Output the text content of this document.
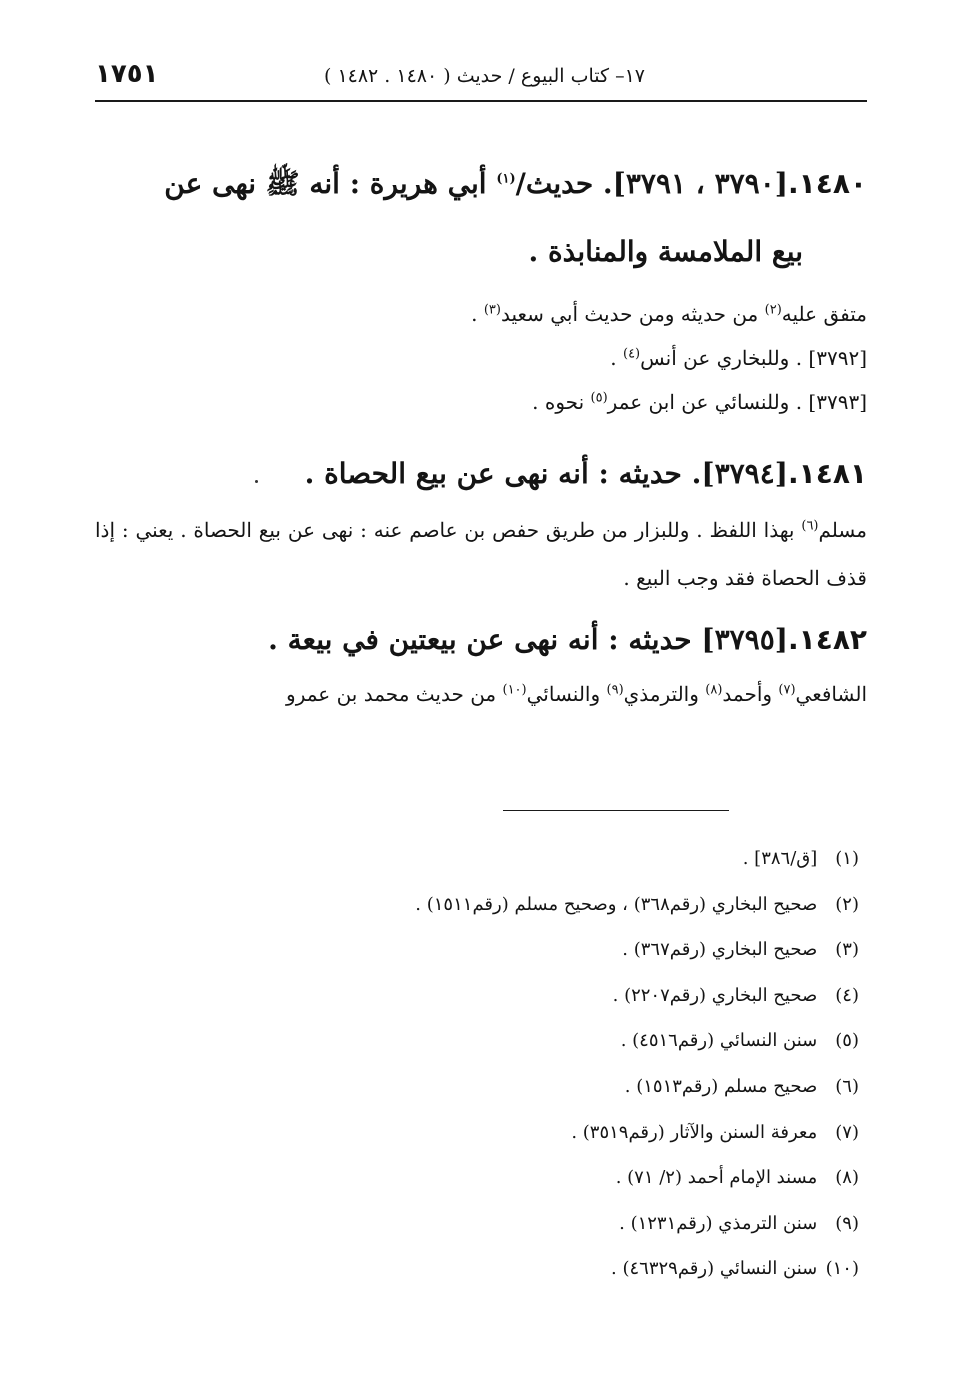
١٧٥١	١٧– كتاب البيوع / حديث ( ١٤٨٠ . ١٤٨٢ )

١٤٨٠.[٣٧٩٠ ، ٣٧٩١]. حديث/$^{(١)}$ أبي هريرة : أنه ﷺ نهى عن
بيع الملامسة والمنابذة .

متفق عليه$^{(٢)}$ من حديثه ومن حديث أبي سعيد$^{(٣)}$ .

[٣٧٩٢] . وللبخاري عن أنس$^{(٤)}$ .

[٣٧٩٣] . وللنسائي عن ابن عمر$^{(٥)}$ نحوه .

١٤٨١.[٣٧٩٤]. حديثه : أنه نهى عن بيع الحصاة .

مسلم$^{(٦)}$ بهذا اللفظ . وللبزار من طريق حفص بن عاصم عنه : نهى عن بيع الحصاة . يعني : إذا قذف الحصاة فقد وجب البيع .

١٤٨٢.[٣٧٩٥] حديثه : أنه نهى عن بيعتين في بيعة .

الشافعي$^{(٧)}$ وأحمد$^{(٨)}$ والترمذي$^{(٩)}$ والنسائي$^{(١٠)}$ من حديث محمد بن عمرو

(١) [ق/٣٨٦] .
(٢) صحيح البخاري (رقم٣٦٨) ، وصحيح مسلم (رقم١٥١١) .
(٣) صحيح البخاري (رقم٣٦٧) .
(٤) صحيح البخاري (رقم٢٢٠٧) .
(٥) سنن النسائي (رقم٤٥١٦) .
(٦) صحيح مسلم (رقم١٥١٣) .
(٧) معرفة السنن والآثار (رقم٣٥١٩) .
(٨) مسند الإمام أحمد (٢/ ٧١) .
(٩) سنن الترمذي (رقم١٢٣١) .
(١٠) سنن النسائي (رقم٤٦٣٢٩) .
